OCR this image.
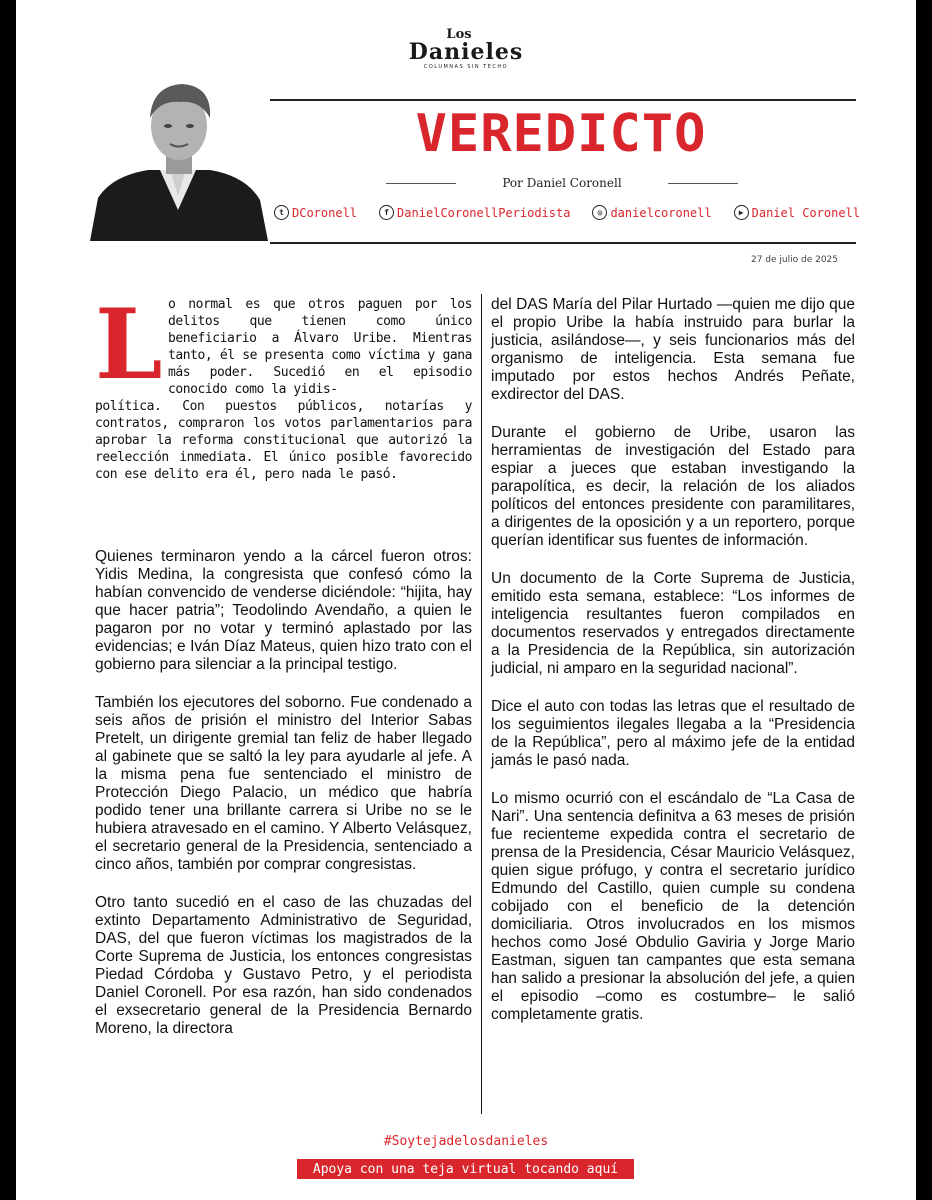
Los
Danieles
COLUMNAS SIN TECHO
VEREDICTO
Por Daniel Coronell
t DCoronell	f DanielCoronellPeriodista	◎ danielcoronell	▶ Daniel Coronell
27 de julio de 2025
L o normal es que otros paguen por los delitos que tienen como único beneficiario a Álvaro Uribe. Mientras tanto, él se presenta como víctima y gana más poder. Sucedió en el episodio conocido como la yidis-
política. Con puestos públicos, notarías y contratos, compraron los votos parlamentarios para aprobar la reforma constitucional que autorizó la reelección inmediata. El único posible favorecido con ese delito era él, pero nada le pasó.

Quienes terminaron yendo a la cárcel fueron otros: Yidis Medina, la congresista que confesó cómo la habían convencido de venderse diciéndole: “hijita, hay que hacer patria”; Teodolindo Avendaño, a quien le pagaron por no votar y terminó aplastado por las evidencias; e Iván Díaz Mateus, quien hizo trato con el gobierno para silenciar a la principal testigo.

También los ejecutores del soborno. Fue condenado a seis años de prisión el ministro del Interior Sabas Pretelt, un dirigente gremial tan feliz de haber llegado al gabinete que se saltó la ley para ayudarle al jefe. A la misma pena fue sentenciado el ministro de Protección Diego Palacio, un médico que habría podido tener una brillante carrera si Uribe no se le hubiera atravesado en el camino. Y Alberto Velásquez, el secretario general de la Presidencia, sentenciado a cinco años, también por comprar congresistas.

Otro tanto sucedió en el caso de las chuzadas del extinto Departamento Administrativo de Seguridad, DAS, del que fueron víctimas los magistrados de la Corte Suprema de Justicia, los entonces congresistas Piedad Córdoba y Gustavo Petro, y el periodista Daniel Coronell. Por esa razón, han sido condenados el exsecretario general de la Presidencia Bernardo Moreno, la directora

del DAS María del Pilar Hurtado —quien me dijo que el propio Uribe la había instruido para burlar la justicia, asilándose—, y seis funcionarios más del organismo de inteligencia. Esta semana fue imputado por estos hechos Andrés Peñate, exdirector del DAS.

Durante el gobierno de Uribe, usaron las herramientas de investigación del Estado para espiar a jueces que estaban investigando la parapolítica, es decir, la relación de los aliados políticos del entonces presidente con paramilitares, a dirigentes de la oposición y a un reportero, porque querían identificar sus fuentes de información.

Un documento de la Corte Suprema de Justicia, emitido esta semana, establece: “Los informes de inteligencia resultantes fueron compilados en documentos reservados y entregados directamente a la Presidencia de la República, sin autorización judicial, ni amparo en la seguridad nacional”.

Dice el auto con todas las letras que el resultado de los seguimientos ilegales llegaba a la “Presidencia de la República”, pero al máximo jefe de la entidad jamás le pasó nada.

Lo mismo ocurrió con el escándalo de “La Casa de Nari”. Una sentencia definitva a 63 meses de prisión fue recienteme expedida contra el secretario de prensa de la Presidencia, César Mauricio Velásquez, quien sigue prófugo, y contra el secretario jurídico Edmundo del Castillo, quien cumple su condena cobijado con el beneficio de la detención domiciliaria. Otros involucrados en los mismos hechos como José Obdulio Gaviria y Jorge Mario Eastman, siguen tan campantes que esta semana han salido a presionar la absolución del jefe, a quien el episodio –como es costumbre– le salió completamente gratis.

#Soytejadelosdanieles
Apoya con una teja virtual tocando aquí
